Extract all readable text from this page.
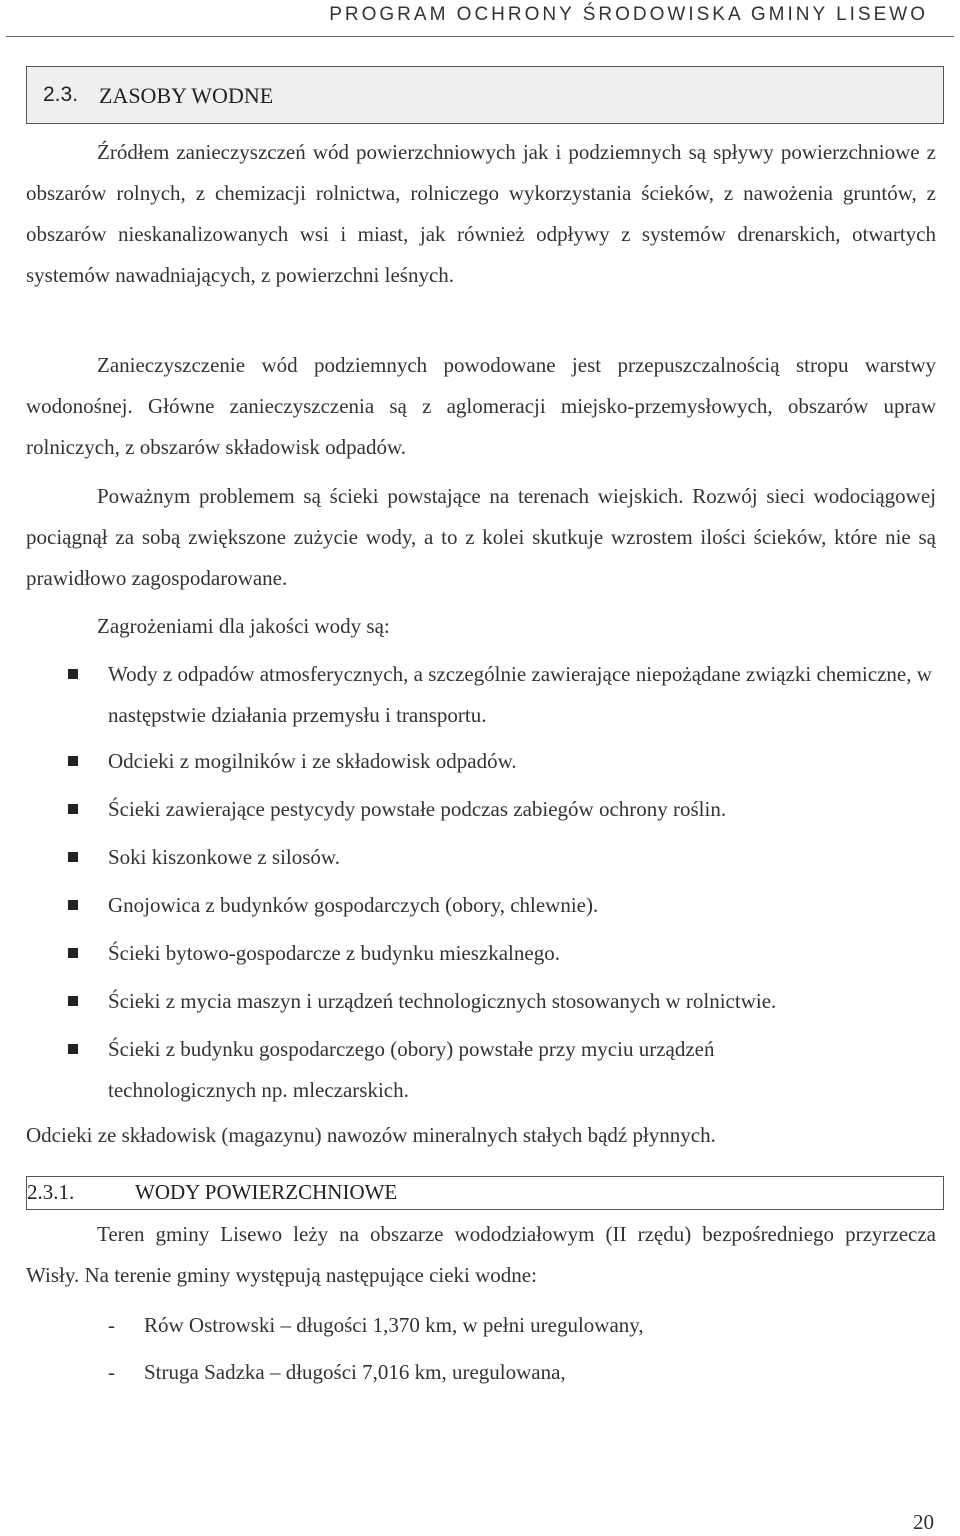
PROGRAM OCHRONY ŚRODOWISKA GMINY LISEWO
2.3. ZASOBY WODNE

Źródłem zanieczyszczeń wód powierzchniowych jak i podziemnych są spływy powierzchniowe z obszarów rolnych, z chemizacji rolnictwa, rolniczego wykorzystania ścieków, z nawożenia gruntów, z obszarów nieskanalizowanych wsi i miast, jak również odpływy z systemów drenarskich, otwartych systemów nawadniających, z powierzchni leśnych.

Zanieczyszczenie wód podziemnych powodowane jest przepuszczalnością stropu warstwy wodonośnej. Główne zanieczyszczenia są z aglomeracji miejsko-przemysłowych, obszarów upraw rolniczych, z obszarów składowisk odpadów.

Poważnym problemem są ścieki powstające na terenach wiejskich. Rozwój sieci wodociągowej pociągnął za sobą zwiększone zużycie wody, a to z kolei skutkuje wzrostem ilości ścieków, które nie są prawidłowo zagospodarowane.

Zagrożeniami dla jakości wody są:

Wody z odpadów atmosferycznych, a szczególnie zawierające niepożądane związki chemiczne, w następstwie działania przemysłu i transportu.
Odcieki z mogilników i ze składowisk odpadów.
Ścieki zawierające pestycydy powstałe podczas zabiegów ochrony roślin.
Soki kiszonkowe z silosów.
Gnojowica z budynków gospodarczych (obory, chlewnie).
Ścieki bytowo-gospodarcze z budynku mieszkalnego.
Ścieki z mycia maszyn i urządzeń technologicznych stosowanych w rolnictwie.
Ścieki z budynku gospodarczego (obory) powstałe przy myciu urządzeń technologicznych np. mleczarskich.

Odcieki ze składowisk (magazynu) nawozów mineralnych stałych bądź płynnych.

2.3.1.	WODY POWIERZCHNIOWE

Teren gminy Lisewo leży na obszarze wododziałowym (II rzędu) bezpośredniego przyrzecza Wisły. Na terenie gminy występują następujące cieki wodne:

- Rów Ostrowski – długości 1,370 km, w pełni uregulowany,
- Struga Sadzka – długości 7,016 km, uregulowana,
20
